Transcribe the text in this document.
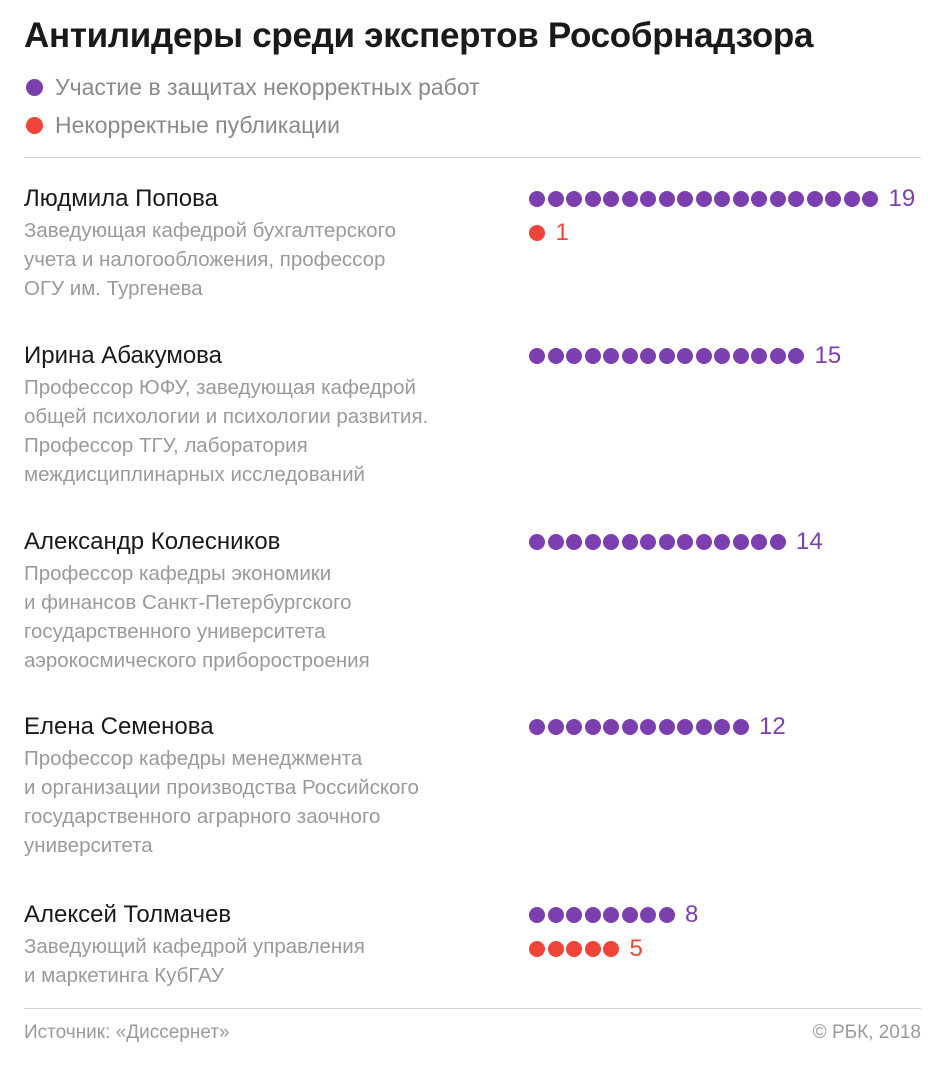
Антилидеры среди экспертов Рособрнадзора
Участие в защитах некорректных работ
Некорректные публикации
Людмила Попова
Заведующая кафедрой бухгалтерского
учета и налогообложения, профессор
ОГУ им. Тургенева
19
1
Ирина Абакумова
Профессор ЮФУ, заведующая кафедрой
общей психологии и психологии развития.
Профессор ТГУ, лаборатория
междисциплинарных исследований
15
Александр Колесников
Профессор кафедры экономики
и финансов Санкт-Петербургского
государственного университета
аэрокосмического приборостроения
14
Елена Семенова
Профессор кафедры менеджмента
и организации производства Российского
государственного аграрного заочного
университета
12
Алексей Толмачев
Заведующий кафедрой управления
и маркетинга КубГАУ
8
5
Источник: «Диссернет»	© РБК, 2018
